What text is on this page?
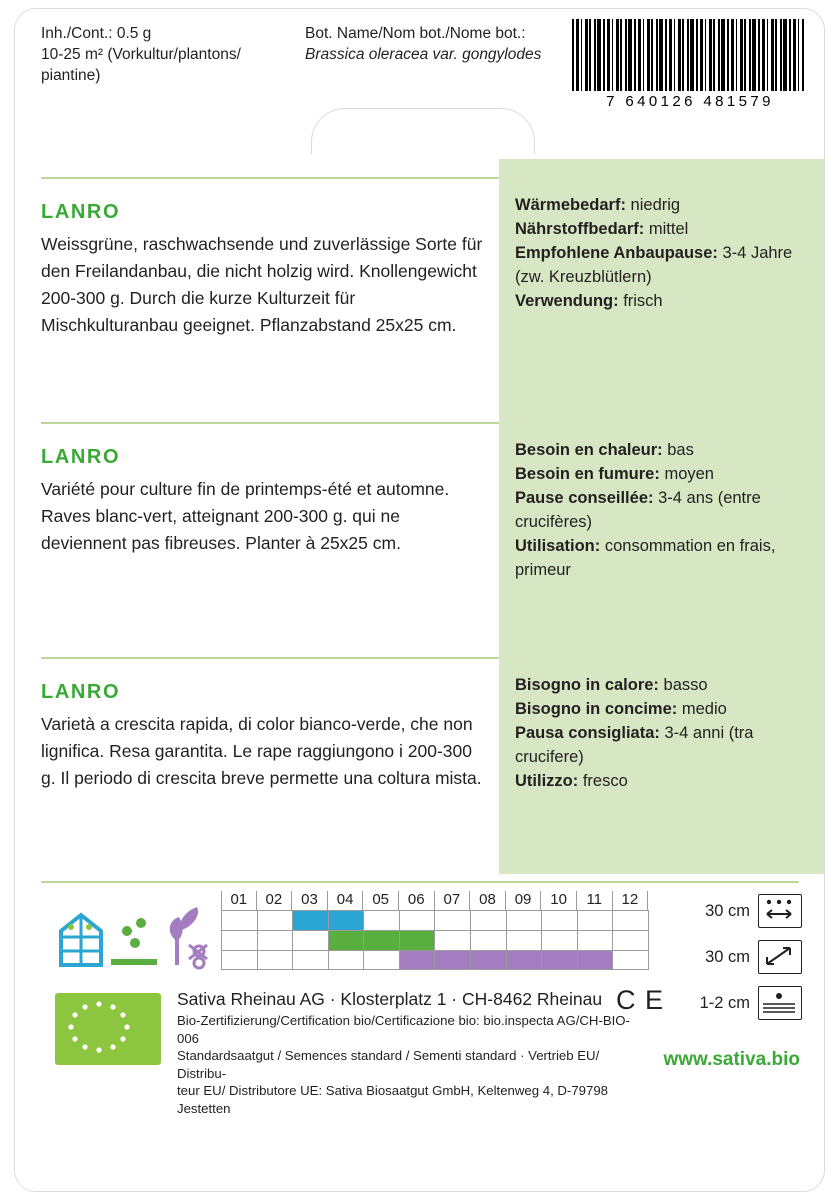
Inh./Cont.: 0.5 g
10-25 m² (Vorkultur/plantons/
piantine)
Bot. Name/Nom bot./Nome bot.:
Brassica oleracea var. gongylodes
7 640126 481579
LANRO
Weissgrüne, raschwachsende und zuverlässige Sorte für den Freilandanbau, die nicht holzig wird. Knollengewicht 200-300 g. Durch die kurze Kulturzeit für Mischkulturanbau geeignet. Pflanzabstand 25x25 cm.
Wärmebedarf: niedrig
Nährstoffbedarf: mittel
Empfohlene Anbaupause: 3-4 Jahre (zw. Kreuzblütlern)
Verwendung: frisch
LANRO
Variété pour culture fin de printemps-été et automne. Raves blanc-vert, atteignant 200-300 g. qui ne deviennent pas fibreuses. Planter à 25x25 cm.
Besoin en chaleur: bas
Besoin en fumure: moyen
Pause conseillée: 3-4 ans (entre crucifères)
Utilisation: consommation en frais, primeur
LANRO
Varietà a crescita rapida, di color bianco-verde, che non lignifica. Resa garantita. Le rape raggiungono i 200-300 g. Il periodo di crescita breve permette una coltura mista.
Bisogno in calore: basso
Bisogno in concime: medio
Pausa consigliata: 3-4 anni (tra crucifere)
Utilizzo: fresco
01	02	03	04	05	06	07	08	09	10	11	12
30 cm
30 cm
1-2 cm
Sativa Rheinau AG · Klosterplatz 1 · CH-8462 Rheinau
Bio-Zertifizierung/Certification bio/Certificazione bio: bio.inspecta AG/CH-BIO-006
Standardsaatgut / Semences standard / Sementi standard · Vertrieb EU/ Distribu-
teur EU/ Distributore UE: Sativa Biosaatgut GmbH, Keltenweg 4, D-79798 Jestetten
C E
www.sativa.bio
